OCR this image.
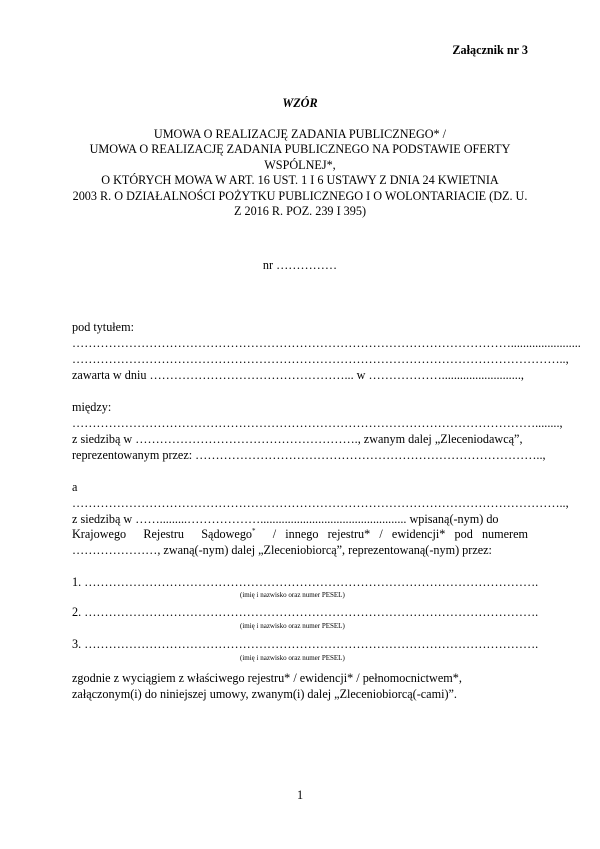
Załącznik nr 3
WZÓR
UMOWA O REALIZACJĘ ZADANIA PUBLICZNEGO* /
UMOWA O REALIZACJĘ ZADANIA PUBLICZNEGO NA PODSTAWIE OFERTY
WSPÓLNEJ*,
O KTÓRYCH MOWA W ART. 16 UST. 1 I 6 USTAWY Z DNIA 24 KWIETNIA
2003 R. O DZIAŁALNOŚCI POŻYTKU PUBLICZNEGO I O WOLONTARIACIE (DZ. U.
Z 2016 R. POZ. 239 I 395)
nr ……………
pod tytułem:
……………………………………………………………………………………………….......................
…………………………………………………………………………………………………………..,
zawarta w dniu …………………………………………... w ………………..........................,
między:
……………………………………………………………………………………………………........,
z siedzibą w ………………………………………………., zwanym dalej „Zleceniodawcą”,
reprezentowanym przez: …………………………………………………………………………..,
a
…………………………………………………………………………………………………………..,
z siedzibą w …….........………………................................................ wpisaną(-nym) do
Krajowego Rejestru Sądowego* /   innego   rejestru*   /   ewidencji*   pod   numerem
…………………, zwaną(-nym) dalej „Zleceniobiorcą”, reprezentowaną(-nym) przez:
1. ………………………………………………………………………………………………….
(imię i nazwisko oraz numer PESEL)
2. ………………………………………………………………………………………………….
(imię i nazwisko oraz numer PESEL)
3. ………………………………………………………………………………………………….
(imię i nazwisko oraz numer PESEL)
zgodnie z wyciągiem z właściwego rejestru* / ewidencji* / pełnomocnictwem*,
załączonym(i) do niniejszej umowy, zwanym(i) dalej „Zleceniobiorcą(-cami)”.
1
